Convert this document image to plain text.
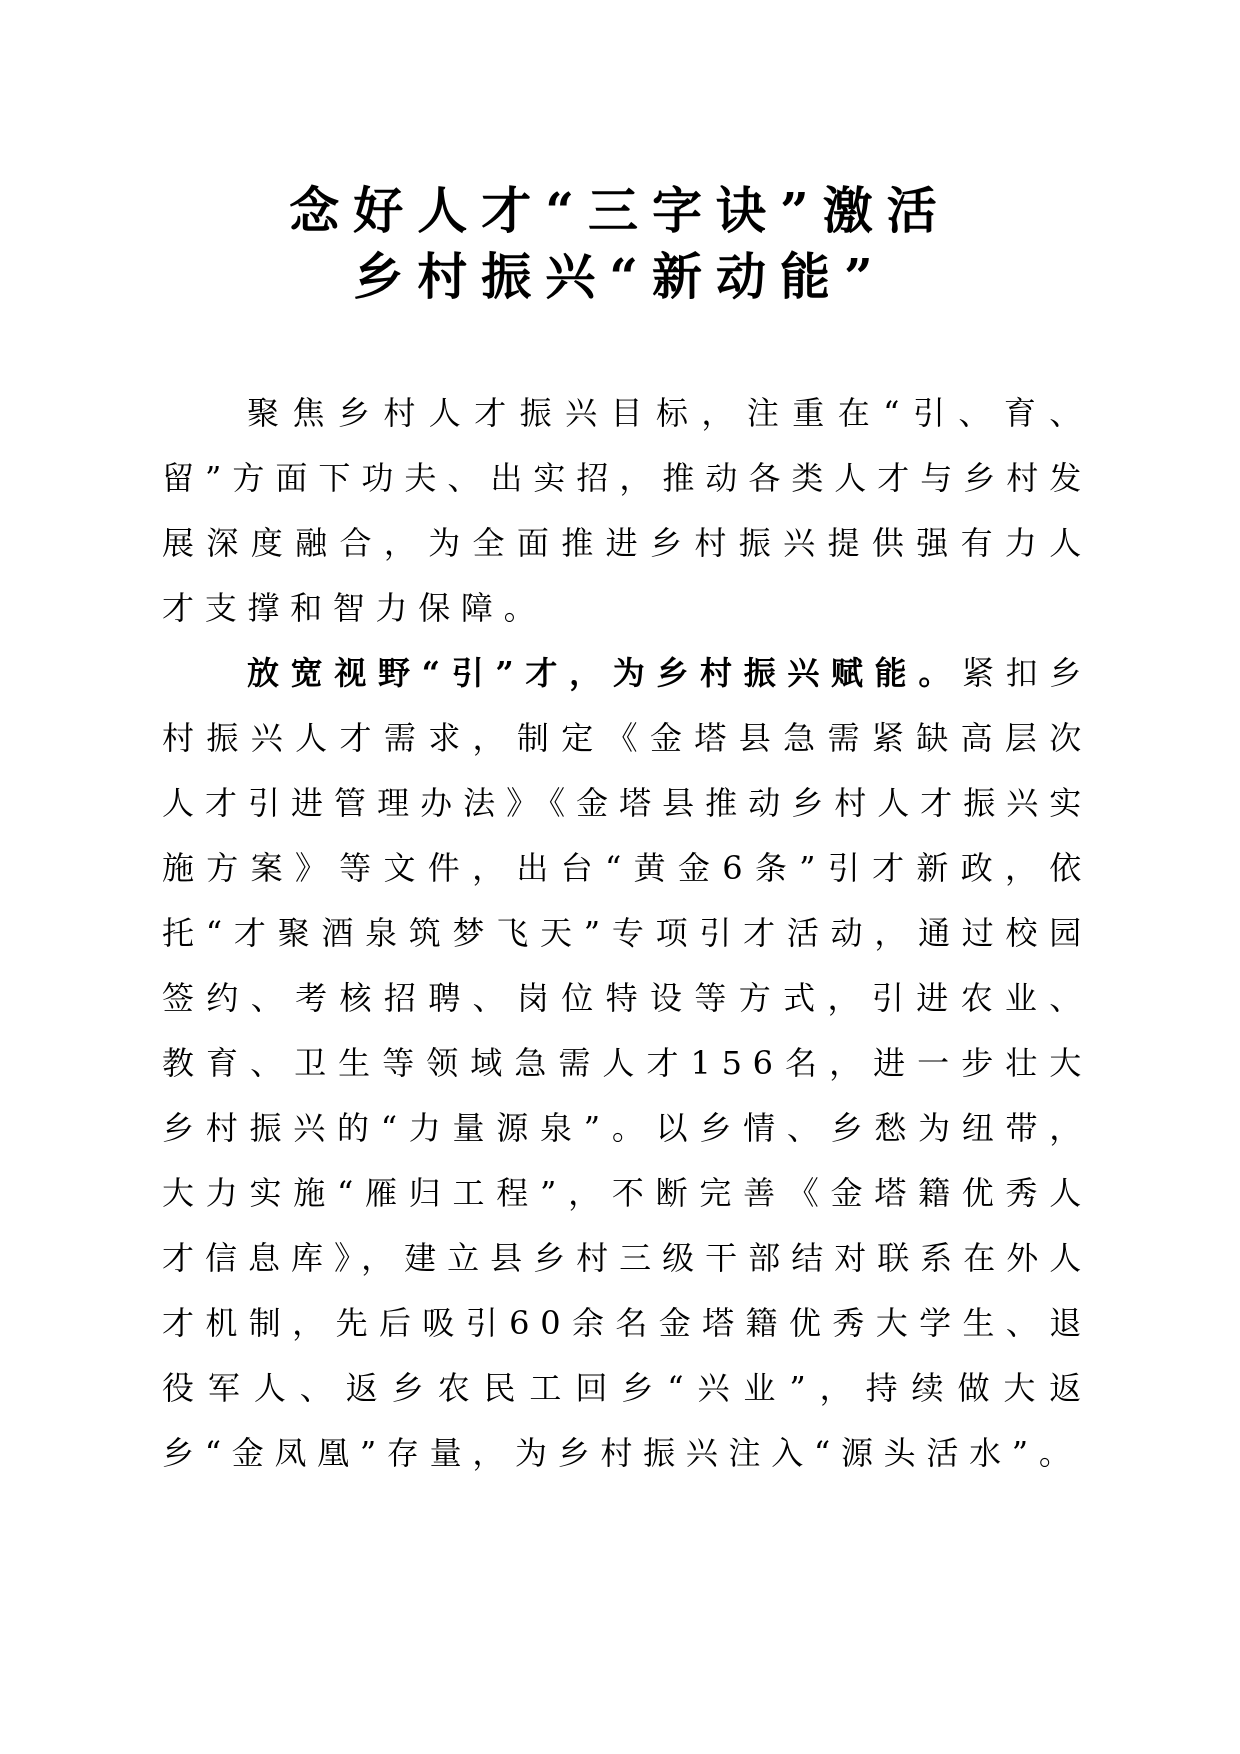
念好人才“三字诀”激活
乡村振兴“新动能”

聚焦乡村人才振兴目标，注重在“引、育、留”方面下功夫、出实招，推动各类人才与乡村发展深度融合，为全面推进乡村振兴提供强有力人才支撑和智力保障。

放宽视野“引”才，为乡村振兴赋能。紧扣乡村振兴人才需求，制定《金塔县急需紧缺高层次人才引进管理办法》《金塔县推动乡村人才振兴实施方案》等文件，出台“黄金6条”引才新政，依托“才聚酒泉筑梦飞天”专项引才活动，通过校园签约、考核招聘、岗位特设等方式，引进农业、教育、卫生等领域急需人才156名，进一步壮大乡村振兴的“力量源泉”。以乡情、乡愁为纽带，大力实施“雁归工程”，不断完善《金塔籍优秀人才信息库》，建立县乡村三级干部结对联系在外人才机制，先后吸引60余名金塔籍优秀大学生、退役军人、返乡农民工回乡“兴业”，持续做大返乡“金凤凰”存量，为乡村振兴注入“源头活水”。
